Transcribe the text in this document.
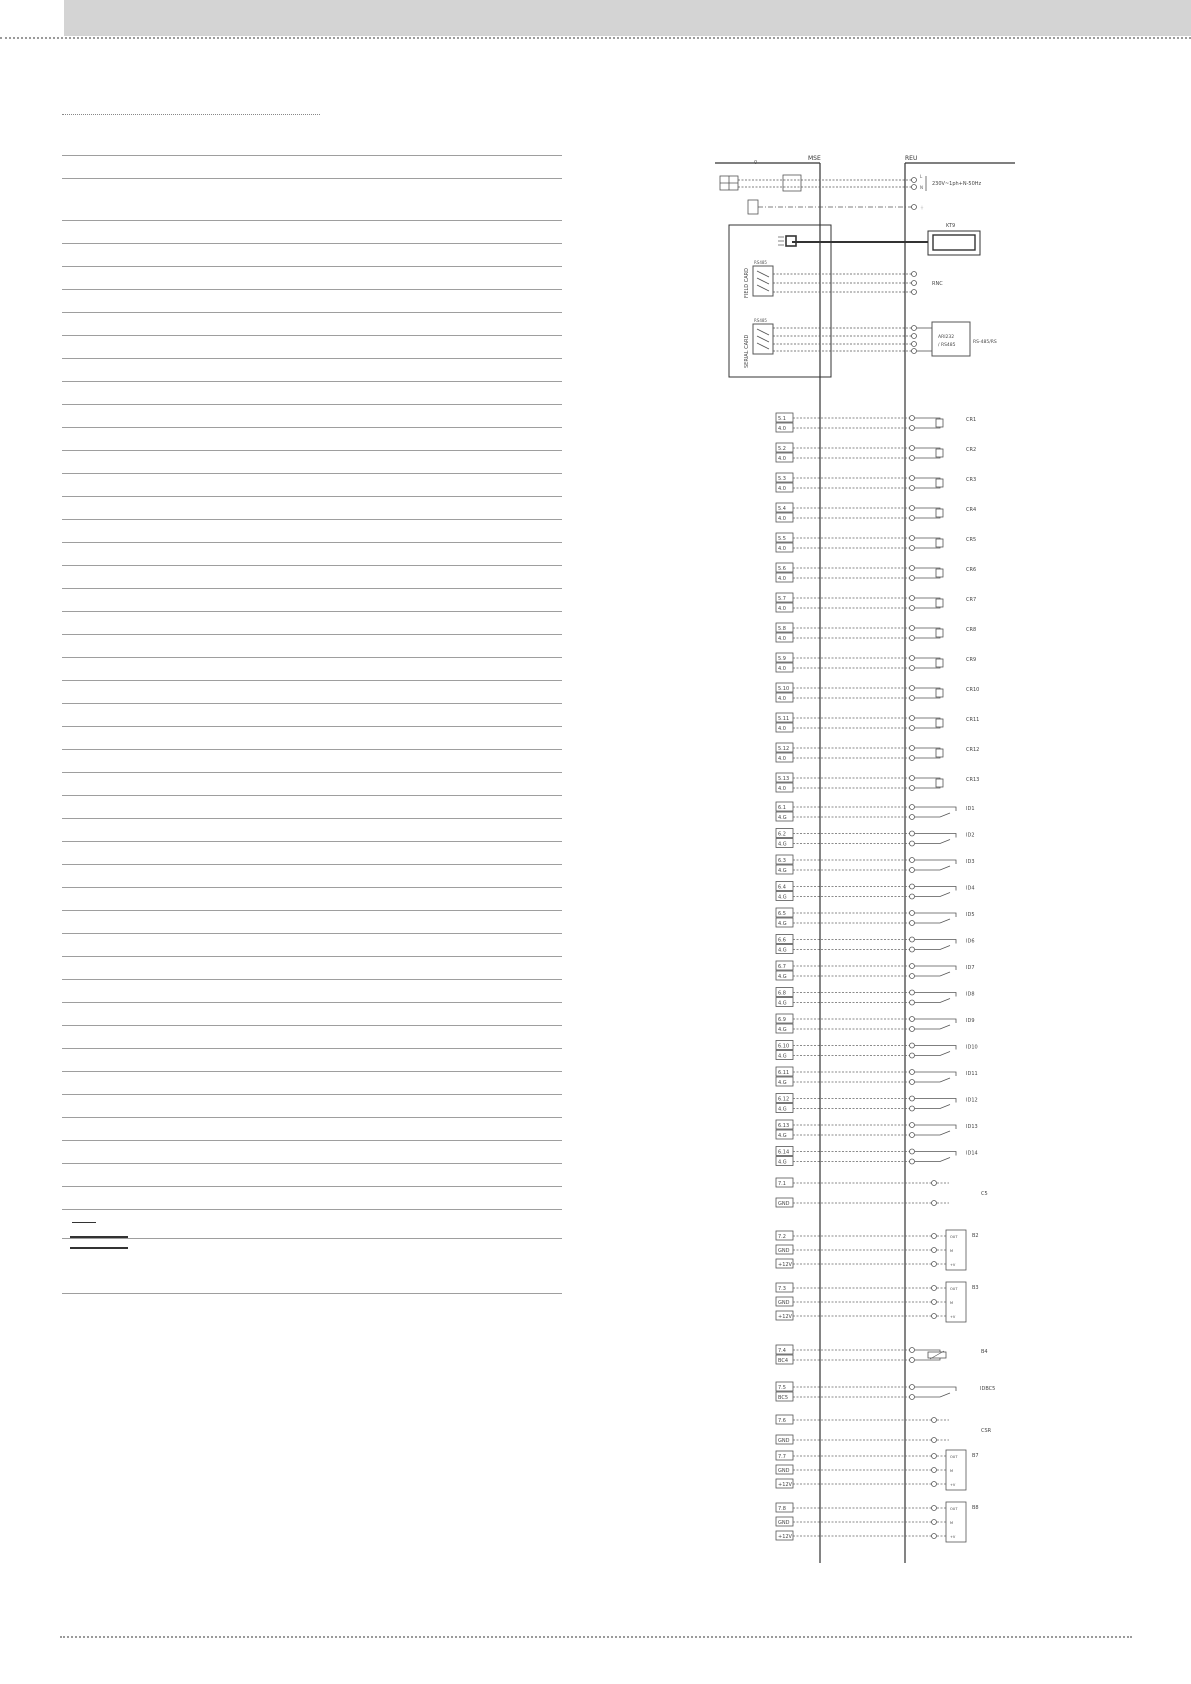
MSE	REU
0
L
N
⏚
230V~1ph+N-50Hz
KT9
FIELD CARD
RS485
RNC
SERIAL CARD
RS485
ARI232
/ RS485
RS-485/RS
5.1
4.0
CR1
5.2
4.0
CR2
5.3
4.0
CR3
5.4
4.0
CR4
5.5
4.0
CR5
5.6
4.0
CR6
5.7
4.0
CR7
5.8
4.0
CR8
5.9
4.0
CR9
5.10
4.0
CR10
5.11
4.0
CR11
5.12
4.0
CR12
5.13
4.0
CR13
6.1
4.G
ID1
6.2
4.G
ID2
6.3
4.G
ID3
6.4
4.G
ID4
6.5
4.G
ID5
6.6
4.G
ID6
6.7
4.G
ID7
6.8
4.G
ID8
6.9
4.G
ID9
6.10
4.G
ID10
6.11
4.G
ID11
6.12
4.G
ID12
6.13
4.G
ID13
6.14
4.G
ID14
7.1
GND
C5
7.2	OUT
GND	M
+12V	+V
B2
7.3	OUT
GND	M
+12V	+V
B3
7.4
BC4
B4
7.5
BC5
IDBC5
7.6
GND
CSR
7.7	OUT
GND	M
+12V	+V
B7
7.8	OUT
GND	M
+12V	+V
B8
